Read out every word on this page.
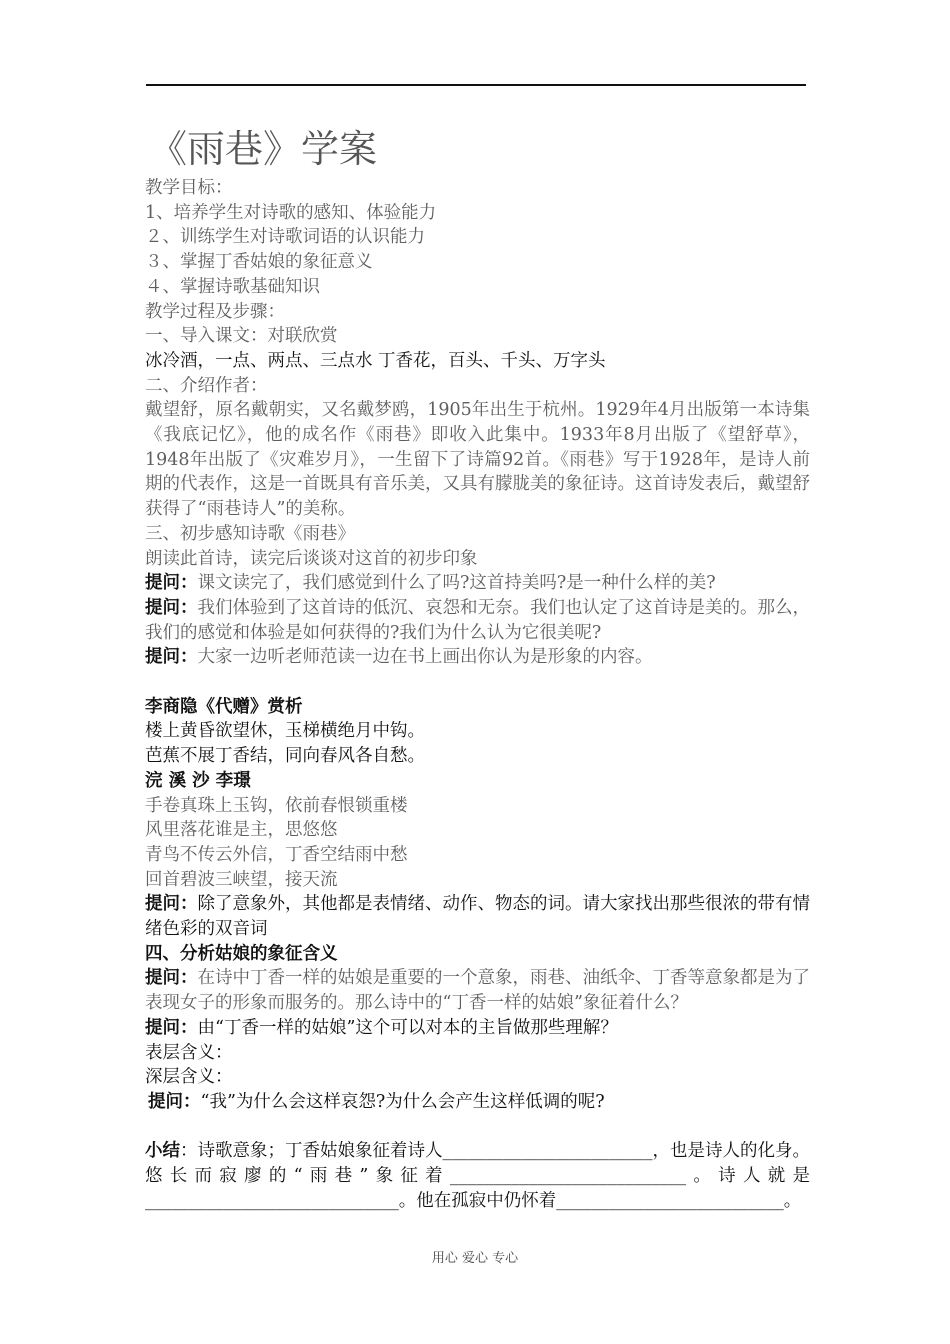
《雨巷》学案
教学目标：
1、培养学生对诗歌的感知、体验能力
２、训练学生对诗歌词语的认识能力
３、掌握丁香姑娘的象征意义
４、掌握诗歌基础知识
教学过程及步骤：
一、导入课文：对联欣赏
冰冷酒，一点、两点、三点水 丁香花，百头、千头、万字头
二、介绍作者：
戴望舒，原名戴朝实，又名戴梦鸥，1905年出生于杭州。1929年4月出版第一本诗集《我底记忆》，他的成名作《雨巷》即收入此集中。1933年8月出版了《望舒草》，1948年出版了《灾难岁月》，一生留下了诗篇92首。《雨巷》写于1928年，是诗人前期的代表作，这是一首既具有音乐美，又具有朦胧美的象征诗。这首诗发表后，戴望舒获得了“雨巷诗人”的美称。
三、初步感知诗歌《雨巷》
朗读此首诗，读完后谈谈对这首的初步印象
提问：课文读完了，我们感觉到什么了吗?这首持美吗?是一种什么样的美?
提问：我们体验到了这首诗的低沉、哀怨和无奈。我们也认定了这首诗是美的。那么，我们的感觉和体验是如何获得的?我们为什么认为它很美呢?
提问：大家一边听老师范读一边在书上画出你认为是形象的内容。
李商隐《代赠》赏析
楼上黄昏欲望休，玉梯横绝月中钩。
芭蕉不展丁香结，同向春风各自愁。
浣 溪 沙 李璟
手卷真珠上玉钩，依前春恨锁重楼
风里落花谁是主，思悠悠
青鸟不传云外信，丁香空结雨中愁
回首碧波三峡望，接天流
提问：除了意象外，其他都是表情绪、动作、物态的词。请大家找出那些很浓的带有情绪色彩的双音词
四、分析姑娘的象征含义
提问：在诗中丁香一样的姑娘是重要的一个意象，雨巷、油纸伞、丁香等意象都是为了表现女子的形象而服务的。那么诗中的“丁香一样的姑娘”象征着什么？
提问：由“丁香一样的姑娘”这个可以对本的主旨做那些理解？
表层含义：
深层含义：
提问：“我”为什么会这样哀怨?为什么会产生这样低调的呢?
小结：诗歌意象；丁香姑娘象征着诗人________________________，也是诗人的化身。悠长而寂廖的“雨巷”象征着___________________________。诗人就是_____________________________。他在孤寂中仍怀着__________________________。
用心 爱心 专心
